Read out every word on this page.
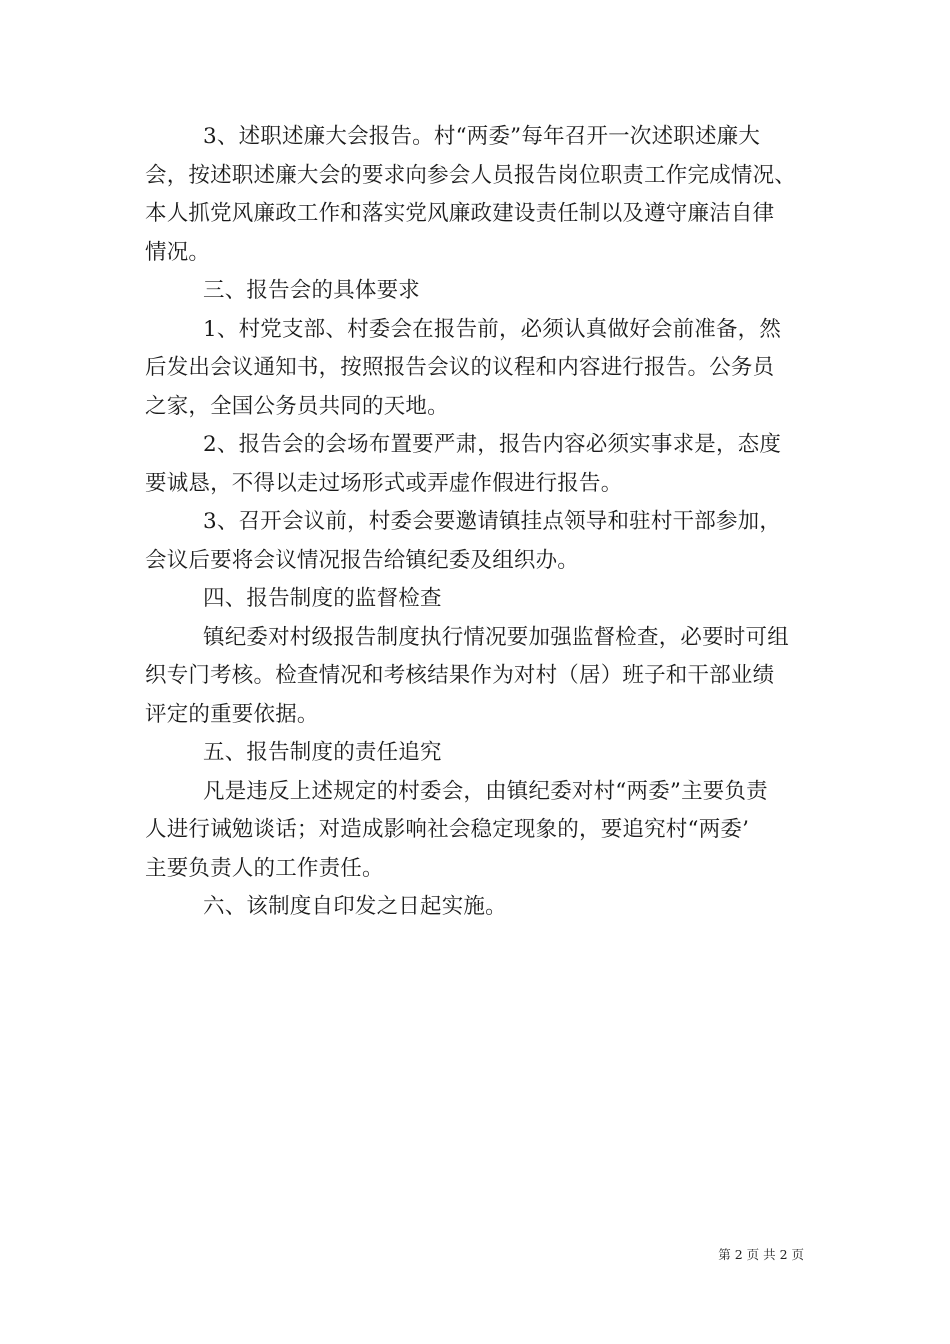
3、述职述廉大会报告。村“两委”每年召开一次述职述廉大
会，按述职述廉大会的要求向参会人员报告岗位职责工作完成情况、
本人抓党风廉政工作和落实党风廉政建设责任制以及遵守廉洁自律
情况。
三、报告会的具体要求
1、村党支部、村委会在报告前，必须认真做好会前准备，然
后发出会议通知书，按照报告会议的议程和内容进行报告。公务员
之家，全国公务员共同的天地。
2、报告会的会场布置要严肃，报告内容必须实事求是，态度
要诚恳，不得以走过场形式或弄虚作假进行报告。
3、召开会议前，村委会要邀请镇挂点领导和驻村干部参加，
会议后要将会议情况报告给镇纪委及组织办。
四、报告制度的监督检查
镇纪委对村级报告制度执行情况要加强监督检查，必要时可组
织专门考核。检查情况和考核结果作为对村（居）班子和干部业绩
评定的重要依据。
五、报告制度的责任追究
凡是违反上述规定的村委会，由镇纪委对村“两委”主要负责
人进行诫勉谈话；对造成影响社会稳定现象的，要追究村“两委’
主要负责人的工作责任。
六、该制度自印发之日起实施。
第 2 页 共 2 页
